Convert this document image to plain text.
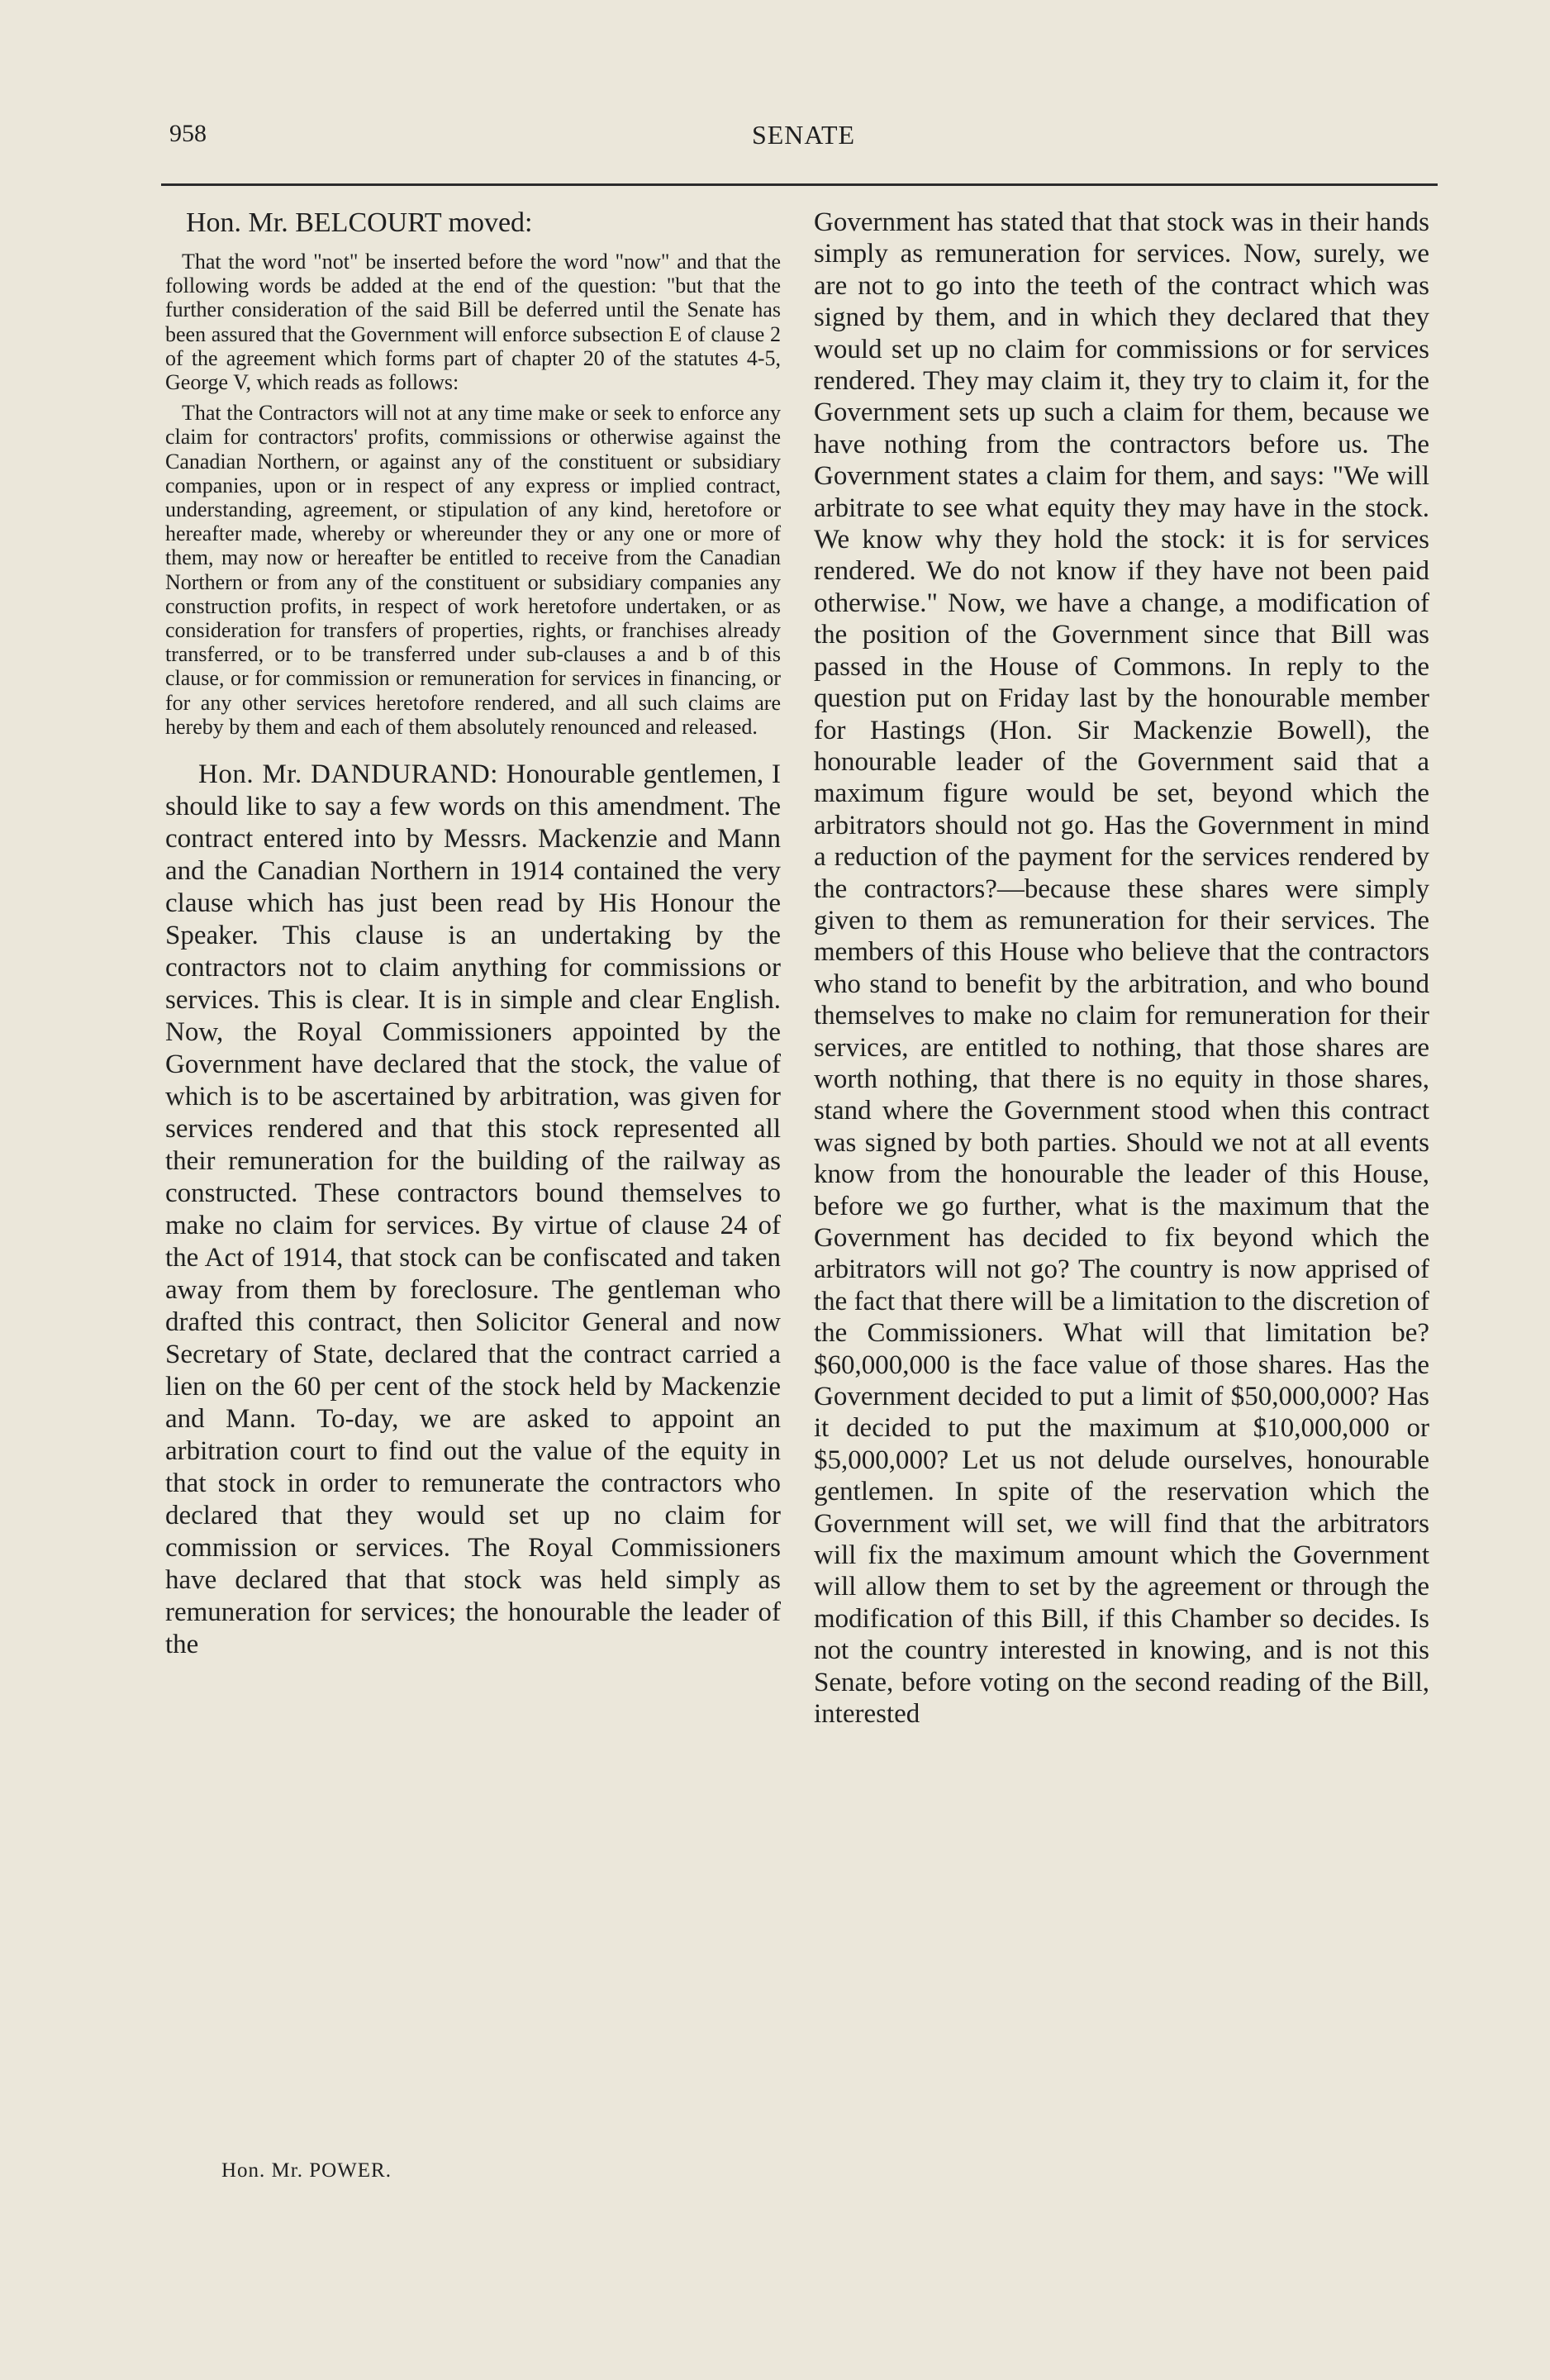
958	SENATE

Hon. Mr. BELCOURT moved:

That the word "not" be inserted before the word "now" and that the following words be added at the end of the question: "but that the further consideration of the said Bill be deferred until the Senate has been assured that the Government will enforce subsection E of clause 2 of the agreement which forms part of chapter 20 of the statutes 4-5, George V, which reads as follows:

That the Contractors will not at any time make or seek to enforce any claim for contractors' profits, commissions or otherwise against the Canadian Northern, or against any of the constituent or subsidiary companies, upon or in respect of any express or implied contract, understanding, agreement, or stipulation of any kind, heretofore or hereafter made, whereby or whereunder they or any one or more of them, may now or hereafter be entitled to receive from the Canadian Northern or from any of the constituent or subsidiary companies any construction profits, in respect of work heretofore undertaken, or as consideration for transfers of properties, rights, or franchises already transferred, or to be transferred under sub-clauses a and b of this clause, or for commission or remuneration for services in financing, or for any other services heretofore rendered, and all such claims are hereby by them and each of them absolutely renounced and released.

Hon. Mr. DANDURAND: Honourable gentlemen, I should like to say a few words on this amendment. The contract entered into by Messrs. Mackenzie and Mann and the Canadian Northern in 1914 contained the very clause which has just been read by His Honour the Speaker. This clause is an undertaking by the contractors not to claim anything for commissions or services. This is clear. It is in simple and clear English. Now, the Royal Commissioners appointed by the Government have declared that the stock, the value of which is to be ascertained by arbitration, was given for services rendered and that this stock represented all their remuneration for the building of the railway as constructed. These contractors bound themselves to make no claim for services. By virtue of clause 24 of the Act of 1914, that stock can be confiscated and taken away from them by foreclosure. The gentleman who drafted this contract, then Solicitor General and now Secretary of State, declared that the contract carried a lien on the 60 per cent of the stock held by Mackenzie and Mann. To-day, we are asked to appoint an arbitration court to find out the value of the equity in that stock in order to remunerate the contractors who declared that they would set up no claim for commission or services. The Royal Commissioners have declared that that stock was held simply as remuneration for services; the honourable the leader of the

Government has stated that that stock was in their hands simply as remuneration for services. Now, surely, we are not to go into the teeth of the contract which was signed by them, and in which they declared that they would set up no claim for commissions or for services rendered. They may claim it, they try to claim it, for the Government sets up such a claim for them, because we have nothing from the contractors before us. The Government states a claim for them, and says: "We will arbitrate to see what equity they may have in the stock. We know why they hold the stock: it is for services rendered. We do not know if they have not been paid otherwise." Now, we have a change, a modification of the position of the Government since that Bill was passed in the House of Commons. In reply to the question put on Friday last by the honourable member for Hastings (Hon. Sir Mackenzie Bowell), the honourable leader of the Government said that a maximum figure would be set, beyond which the arbitrators should not go. Has the Government in mind a reduction of the payment for the services rendered by the contractors?—because these shares were simply given to them as remuneration for their services. The members of this House who believe that the contractors who stand to benefit by the arbitration, and who bound themselves to make no claim for remuneration for their services, are entitled to nothing, that those shares are worth nothing, that there is no equity in those shares, stand where the Government stood when this contract was signed by both parties. Should we not at all events know from the honourable the leader of this House, before we go further, what is the maximum that the Government has decided to fix beyond which the arbitrators will not go? The country is now apprised of the fact that there will be a limitation to the discretion of the Commissioners. What will that limitation be? $60,000,000 is the face value of those shares. Has the Government decided to put a limit of $50,000,000? Has it decided to put the maximum at $10,000,000 or $5,000,000? Let us not delude ourselves, honourable gentlemen. In spite of the reservation which the Government will set, we will find that the arbitrators will fix the maximum amount which the Government will allow them to set by the agreement or through the modification of this Bill, if this Chamber so decides. Is not the country interested in knowing, and is not this Senate, before voting on the second reading of the Bill, interested

Hon. Mr. POWER.
